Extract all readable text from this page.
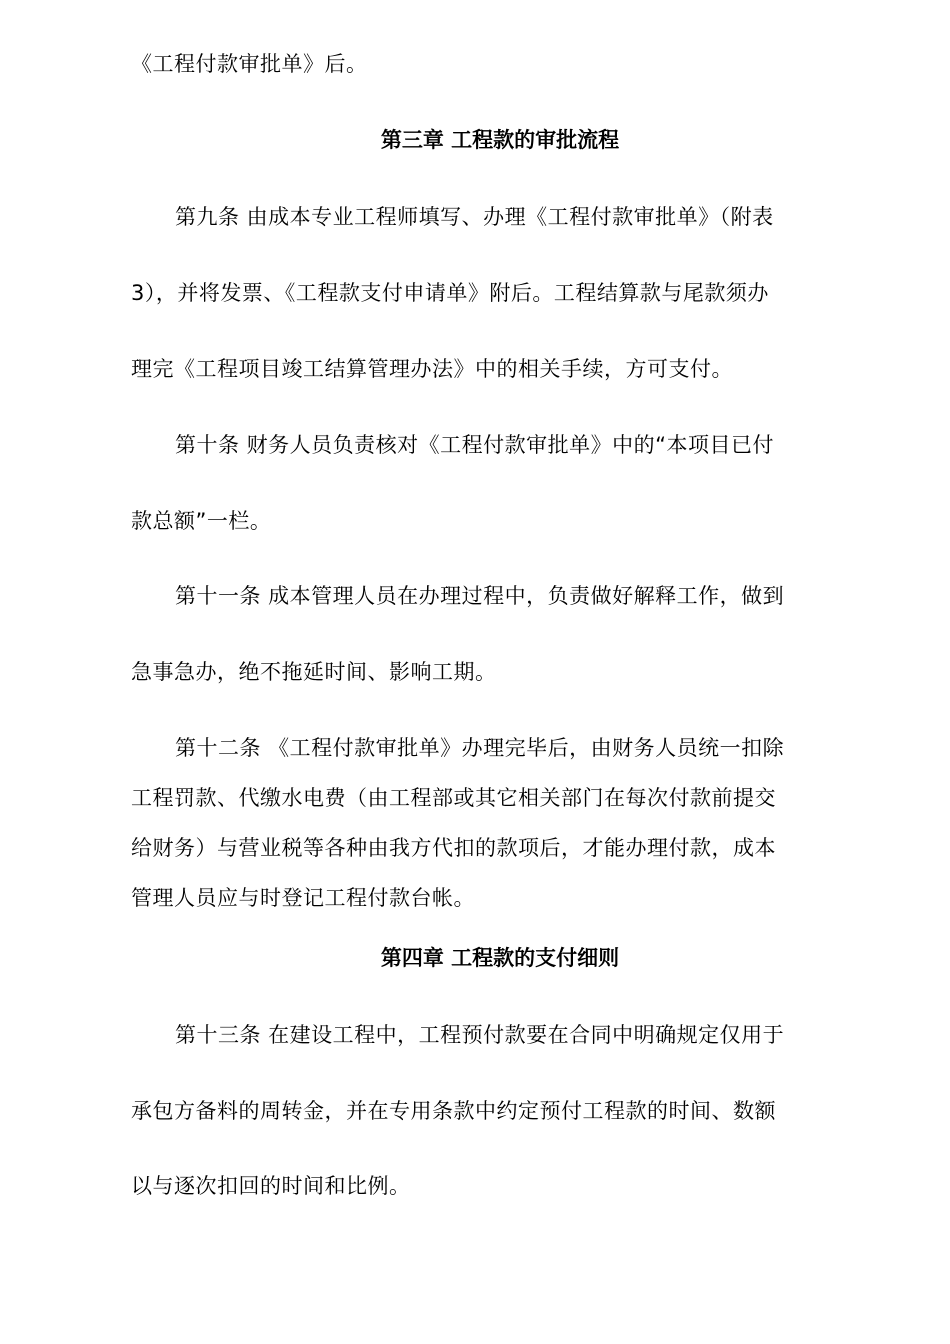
《工程付款审批单》后。
第三章 工程款的审批流程
第九条 由成本专业工程师填写、办理《工程付款审批单》（附表
3），并将发票、《工程款支付申请单》附后。工程结算款与尾款须办
理完《工程项目竣工结算管理办法》中的相关手续，方可支付。
第十条 财务人员负责核对《工程付款审批单》中的“本项目已付
款总额”一栏。
第十一条 成本管理人员在办理过程中，负责做好解释工作，做到
急事急办，绝不拖延时间、影响工期。
第十二条 《工程付款审批单》办理完毕后，由财务人员统一扣除
工程罚款、代缴水电费（由工程部或其它相关部门在每次付款前提交
给财务）与营业税等各种由我方代扣的款项后，才能办理付款，成本
管理人员应与时登记工程付款台帐。
第四章 工程款的支付细则
第十三条 在建设工程中，工程预付款要在合同中明确规定仅用于
承包方备料的周转金，并在专用条款中约定预付工程款的时间、数额
以与逐次扣回的时间和比例。
